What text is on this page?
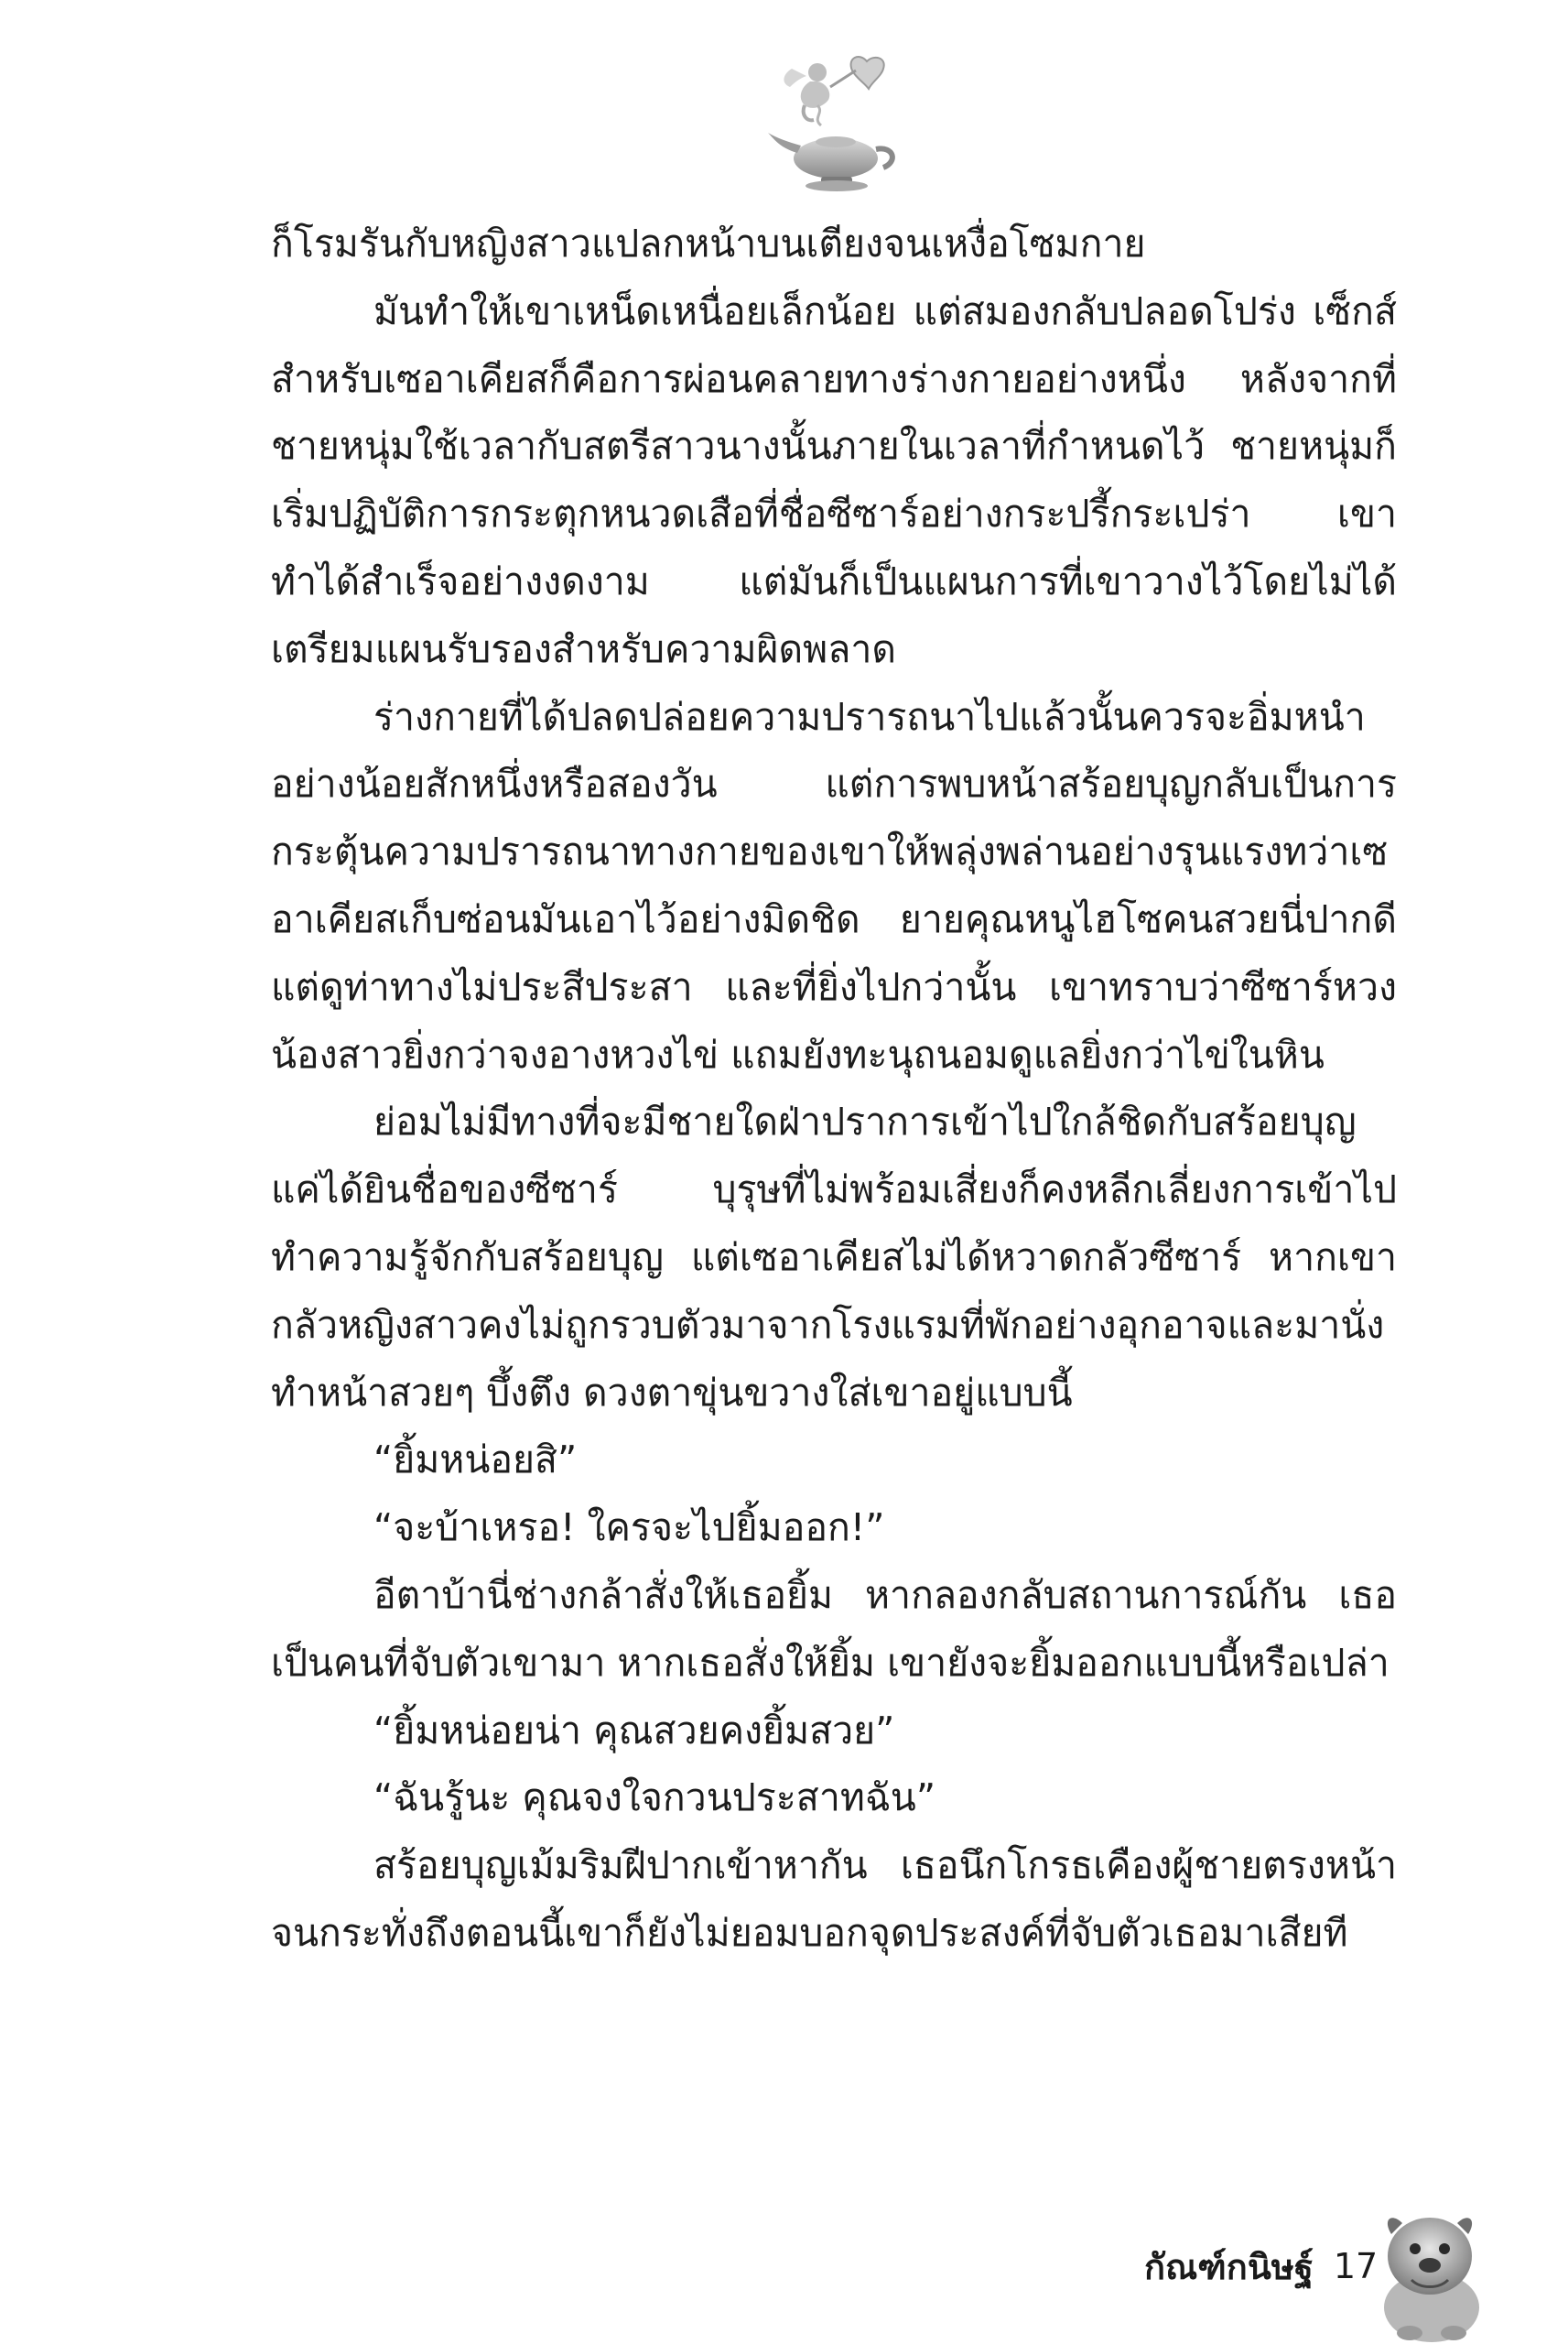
ก็โรมรันกับหญิงสาวแปลกหน้าบนเตียงจนเหงื่อโซมกาย

มันทำให้เขาเหน็ดเหนื่อยเล็กน้อย แต่สมองกลับปลอดโปร่ง เซ็กส์สำหรับเซอาเคียสก็คือการผ่อนคลายทางร่างกายอย่างหนึ่ง หลังจากที่ชายหนุ่มใช้เวลากับสตรีสาวนางนั้นภายในเวลาที่กำหนดไว้ ชายหนุ่มก็เริ่มปฏิบัติการกระตุกหนวดเสือที่ชื่อซีซาร์อย่างกระปรี้กระเปร่า เขาทำได้สำเร็จอย่างงดงาม แต่มันก็เป็นแผนการที่เขาวางไว้โดยไม่ได้เตรียมแผนรับรองสำหรับความผิดพลาด

ร่างกายที่ได้ปลดปล่อยความปรารถนาไปแล้วนั้นควรจะอิ่มหนำอย่างน้อยสักหนึ่งหรือสองวัน แต่การพบหน้าสร้อยบุญกลับเป็นการกระตุ้นความปรารถนาทางกายของเขาให้พลุ่งพล่านอย่างรุนแรงทว่าเซอาเคียสเก็บซ่อนมันเอาไว้อย่างมิดชิด ยายคุณหนูไฮโซคนสวยนี่ปากดี แต่ดูท่าทางไม่ประสีประสา และที่ยิ่งไปกว่านั้น เขาทราบว่าซีซาร์หวงน้องสาวยิ่งกว่าจงอางหวงไข่ แถมยังทะนุถนอมดูแลยิ่งกว่าไข่ในหิน

ย่อมไม่มีทางที่จะมีชายใดฝ่าปราการเข้าไปใกล้ชิดกับสร้อยบุญแค่ได้ยินชื่อของซีซาร์ บุรุษที่ไม่พร้อมเสี่ยงก็คงหลีกเลี่ยงการเข้าไปทำความรู้จักกับสร้อยบุญ แต่เซอาเคียสไม่ได้หวาดกลัวซีซาร์ หากเขากลัวหญิงสาวคงไม่ถูกรวบตัวมาจากโรงแรมที่พักอย่างอุกอาจและมานั่งทำหน้าสวยๆ บึ้งตึง ดวงตาขุ่นขวางใส่เขาอยู่แบบนี้

“ยิ้มหน่อยสิ”

“จะบ้าเหรอ! ใครจะไปยิ้มออก!”

อีตาบ้านี่ช่างกล้าสั่งให้เธอยิ้ม หากลองกลับสถานการณ์กัน เธอเป็นคนที่จับตัวเขามา หากเธอสั่งให้ยิ้ม เขายังจะยิ้มออกแบบนี้หรือเปล่า

“ยิ้มหน่อยน่า คุณสวยคงยิ้มสวย”

“ฉันรู้นะ คุณจงใจกวนประสาทฉัน”

สร้อยบุญเม้มริมฝีปากเข้าหากัน เธอนึกโกรธเคืองผู้ชายตรงหน้าจนกระทั่งถึงตอนนี้เขาก็ยังไม่ยอมบอกจุดประสงค์ที่จับตัวเธอมาเสียที

กัณฑ์กนิษฐ์ 17
